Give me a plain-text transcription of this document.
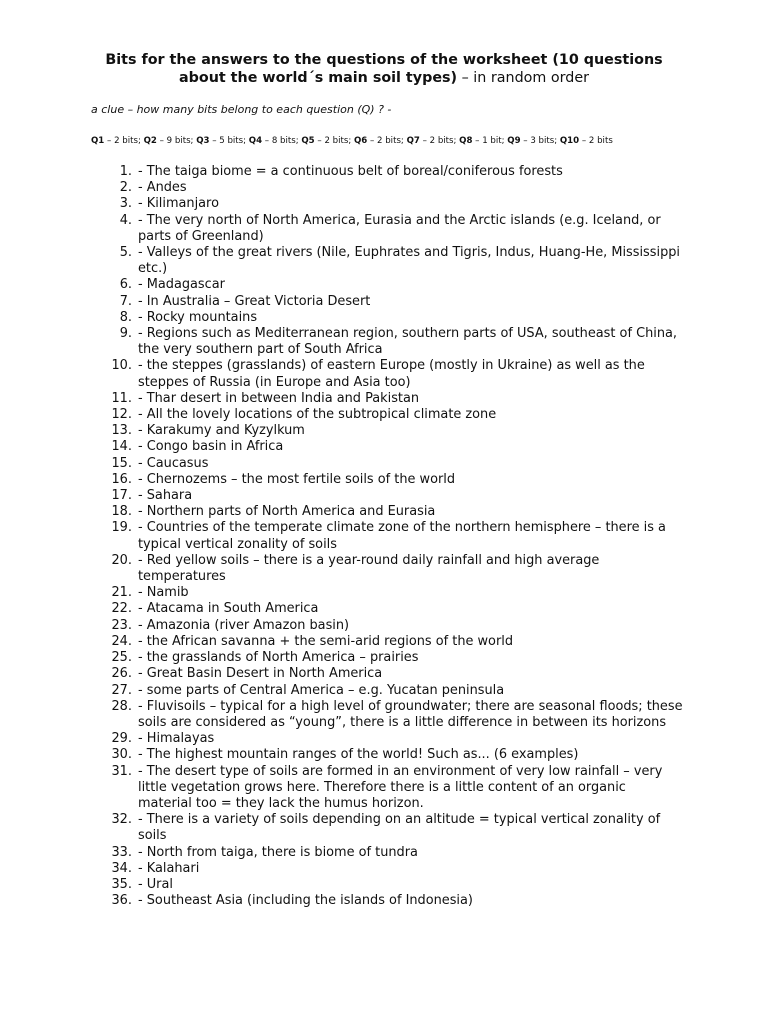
Bits for the answers to the questions of the worksheet (10 questions about the world´s main soil types) – in random order
a clue – how many bits belong to each question (Q) ? -
Q1 – 2 bits; Q2 – 9 bits; Q3 – 5 bits; Q4 – 8 bits; Q5 – 2 bits; Q6 – 2 bits; Q7 – 2 bits; Q8 – 1 bit; Q9 – 3 bits; Q10 – 2 bits
1. - The taiga biome = a continuous belt of boreal/coniferous forests
2. - Andes
3. - Kilimanjaro
4. - The very north of North America, Eurasia and the Arctic islands (e.g. Iceland, or parts of Greenland)
5. - Valleys of the great rivers (Nile, Euphrates and Tigris, Indus, Huang-He, Mississippi etc.)
6. - Madagascar
7. - In Australia – Great Victoria Desert
8. - Rocky mountains
9. - Regions such as Mediterranean region, southern parts of USA, southeast of China, the very southern part of South Africa
10. - the steppes (grasslands) of eastern Europe (mostly in Ukraine) as well as the steppes of Russia (in Europe and Asia too)
11. - Thar desert in between India and Pakistan
12. - All the lovely locations of the subtropical climate zone
13. - Karakumy and Kyzylkum
14. - Congo basin in Africa
15. - Caucasus
16. - Chernozems – the most fertile soils of the world
17. - Sahara
18. - Northern parts of North America and Eurasia
19. - Countries of the temperate climate zone of the northern hemisphere – there is a typical vertical zonality of soils
20. - Red yellow soils – there is a year-round daily rainfall and high average temperatures
21. - Namib
22. - Atacama in South America
23. - Amazonia (river Amazon basin)
24. - the African savanna + the semi-arid regions of the world
25. - the grasslands of North America – prairies
26. - Great Basin Desert in North America
27. - some parts of Central America – e.g. Yucatan peninsula
28. - Fluvisoils – typical for a high level of groundwater; there are seasonal floods; these soils are considered as “young”, there is a little difference in between its horizons
29. - Himalayas
30. - The highest mountain ranges of the world! Such as... (6 examples)
31. - The desert type of soils are formed in an environment of very low rainfall – very little vegetation grows here. Therefore there is a little content of an organic material too = they lack the humus horizon.
32. - There is a variety of soils depending on an altitude = typical vertical zonality of soils
33. - North from taiga, there is biome of tundra
34. - Kalahari
35. - Ural
36. - Southeast Asia (including the islands of Indonesia)
